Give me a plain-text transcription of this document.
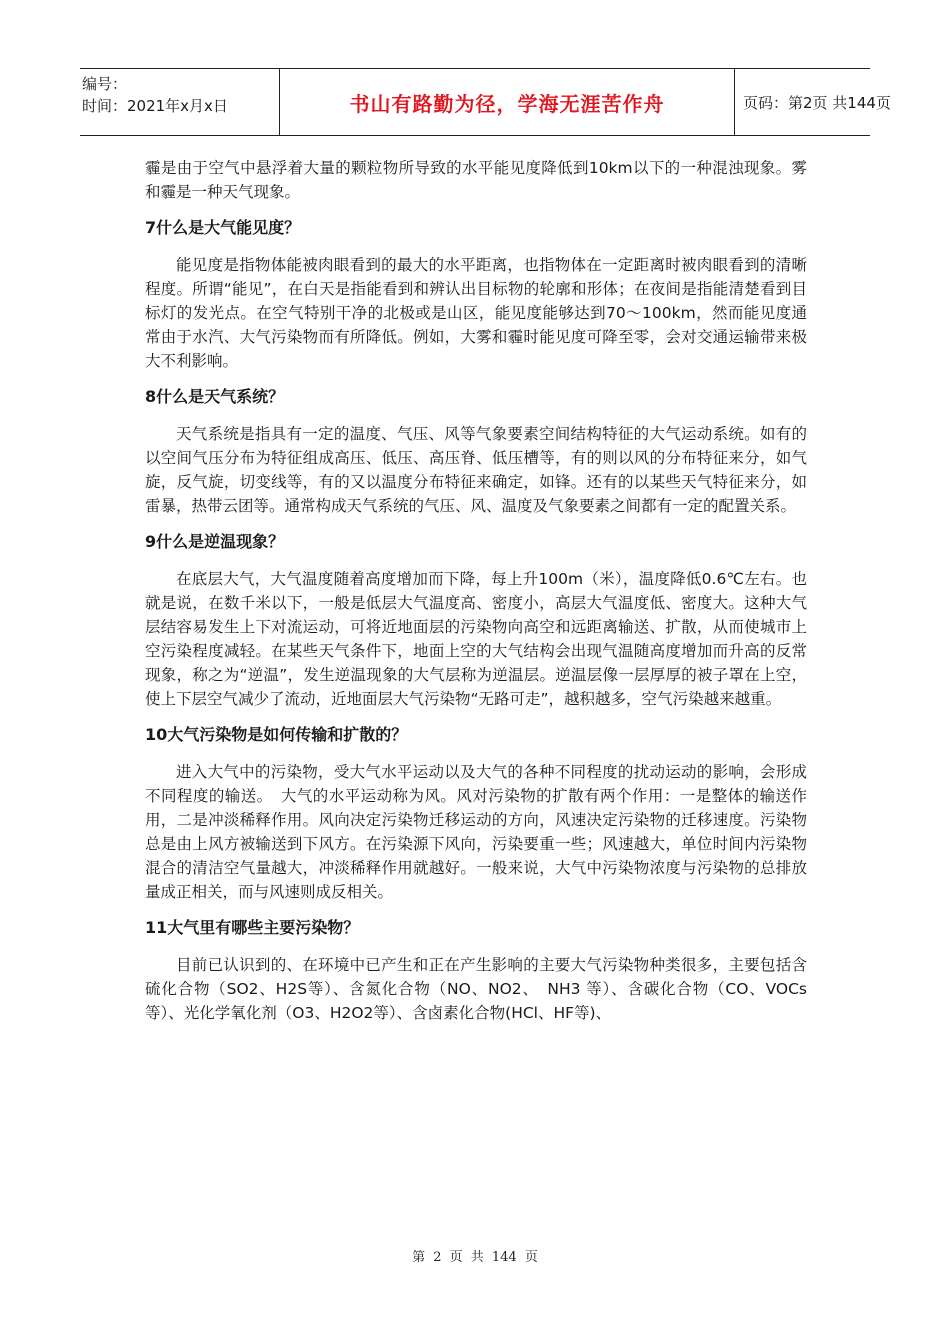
编号：
时间：2021年x月x日	书山有路勤为径，学海无涯苦作舟	页码：第2页 共144页

霾是由于空气中悬浮着大量的颗粒物所导致的水平能见度降低到10km以下的一种混浊现象。雾和霾是一种天气现象。

7什么是大气能见度？

能见度是指物体能被肉眼看到的最大的水平距离，也指物体在一定距离时被肉眼看到的清晰程度。所谓“能见”，在白天是指能看到和辨认出目标物的轮廓和形体；在夜间是指能清楚看到目标灯的发光点。在空气特别干净的北极或是山区，能见度能够达到70～100km，然而能见度通常由于水汽、大气污染物而有所降低。例如，大雾和霾时能见度可降至零，会对交通运输带来极大不利影响。

8什么是天气系统？

天气系统是指具有一定的温度、气压、风等气象要素空间结构特征的大气运动系统。如有的以空间气压分布为特征组成高压、低压、高压脊、低压槽等，有的则以风的分布特征来分，如气旋，反气旋，切变线等，有的又以温度分布特征来确定，如锋。还有的以某些天气特征来分，如雷暴，热带云团等。通常构成天气系统的气压、风、温度及气象要素之间都有一定的配置关系。

9什么是逆温现象？

在底层大气，大气温度随着高度增加而下降，每上升100m（米），温度降低0.6℃左右。也就是说，在数千米以下，一般是低层大气温度高、密度小，高层大气温度低、密度大。这种大气层结容易发生上下对流运动，可将近地面层的污染物向高空和远距离输送、扩散，从而使城市上空污染程度减轻。在某些天气条件下，地面上空的大气结构会出现气温随高度增加而升高的反常现象，称之为“逆温”，发生逆温现象的大气层称为逆温层。逆温层像一层厚厚的被子罩在上空，使上下层空气减少了流动，近地面层大气污染物“无路可走”，越积越多，空气污染越来越重。

10大气污染物是如何传输和扩散的？

进入大气中的污染物，受大气水平运动以及大气的各种不同程度的扰动运动的影响，会形成不同程度的输送。　大气的水平运动称为风。风对污染物的扩散有两个作用：一是整体的输送作用，二是冲淡稀释作用。风向决定污染物迁移运动的方向，风速决定污染物的迁移速度。污染物总是由上风方被输送到下风方。在污染源下风向，污染要重一些；风速越大，单位时间内污染物混合的清洁空气量越大，冲淡稀释作用就越好。一般来说，大气中污染物浓度与污染物的总排放量成正相关，而与风速则成反相关。

11大气里有哪些主要污染物？

目前已认识到的、在环境中已产生和正在产生影响的主要大气污染物种类很多，主要包括含硫化合物（SO2、H2S等）、含氮化合物（NO、NO2、　NH3 等）、含碳化合物（CO、VOCs等）、光化学氧化剂（O3、H2O2等）、含卤素化合物(HCl、HF等)、

第 2 页 共 144 页
